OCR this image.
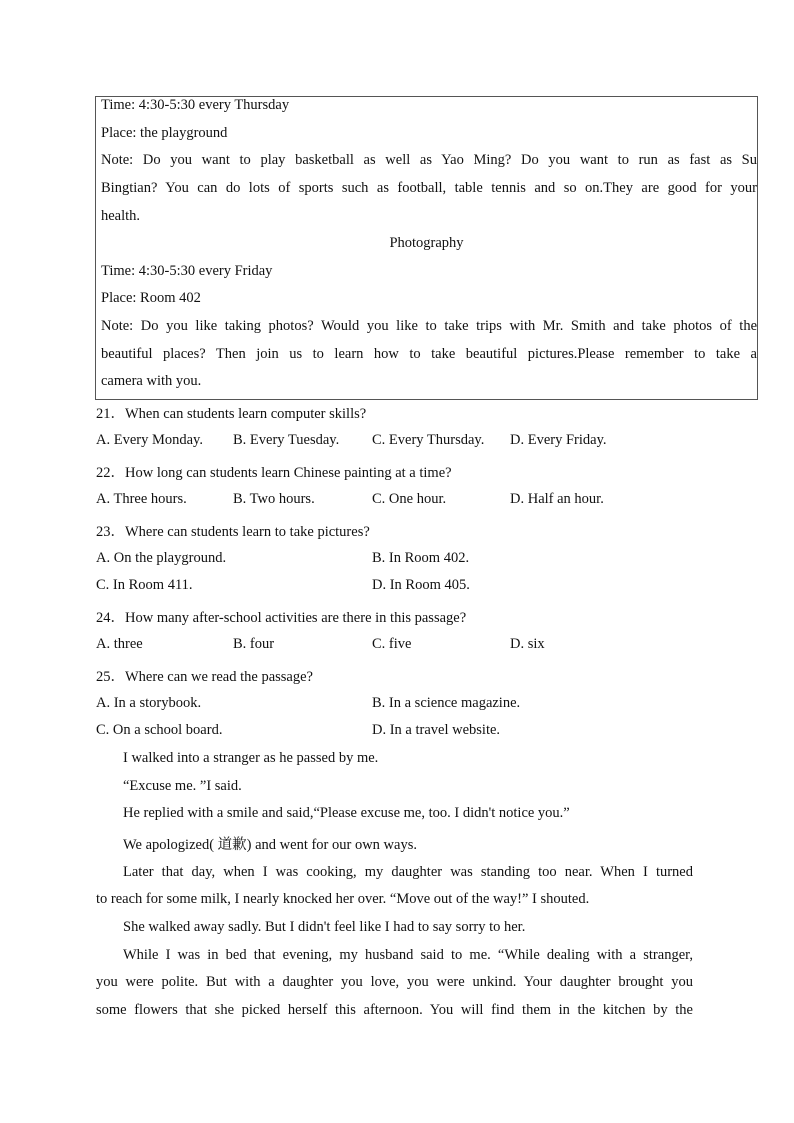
Time: 4:30-5:30 every Thursday
Place: the playground
Note: Do you want to play basketball as well as Yao Ming? Do you want to run as fast as Su
Bingtian? You can do lots of sports such as football, table tennis and so on.They are good for your
health.
Photography
Time: 4:30-5:30 every Friday
Place: Room 402
Note: Do you like taking photos? Would you like to take trips with Mr. Smith and take photos of the
beautiful places? Then join us to learn how to take beautiful pictures.Please remember to take a
camera with you.
21．When can students learn computer skills?
A. Every Monday. B. Every Tuesday. C. Every Thursday. D. Every Friday.
22．How long can students learn Chinese painting at a time?
A. Three hours.	B. Two hours.	C. One hour.	D. Half an hour.
23．Where can students learn to take pictures?
A. On the playground.	B. In Room 402.
C. In Room 411.	D. In Room 405.
24．How many after-school activities are there in this passage?
A. three	B. four	C. five	D. six
25．Where can we read the passage?
A. In a storybook.	B. In a science magazine.
C. On a school board.	D. In a travel website.
I walked into a stranger as he passed by me.
“Excuse me. ”I said.
He replied with a smile and said,“Please excuse me, too. I didn't notice you.”
We apologized( 道歉) and went for our own ways.
Later that day, when I was cooking, my daughter was standing too near. When I turned
to reach for some milk, I nearly knocked her over. “Move out of the way!” I shouted.
She walked away sadly. But I didn't feel like I had to say sorry to her.
While I was in bed that evening, my husband said to me. “While dealing with a stranger,
you were polite. But with a daughter you love, you were unkind. Your daughter brought you
some flowers that she picked herself this afternoon. You will find them in the kitchen by the
